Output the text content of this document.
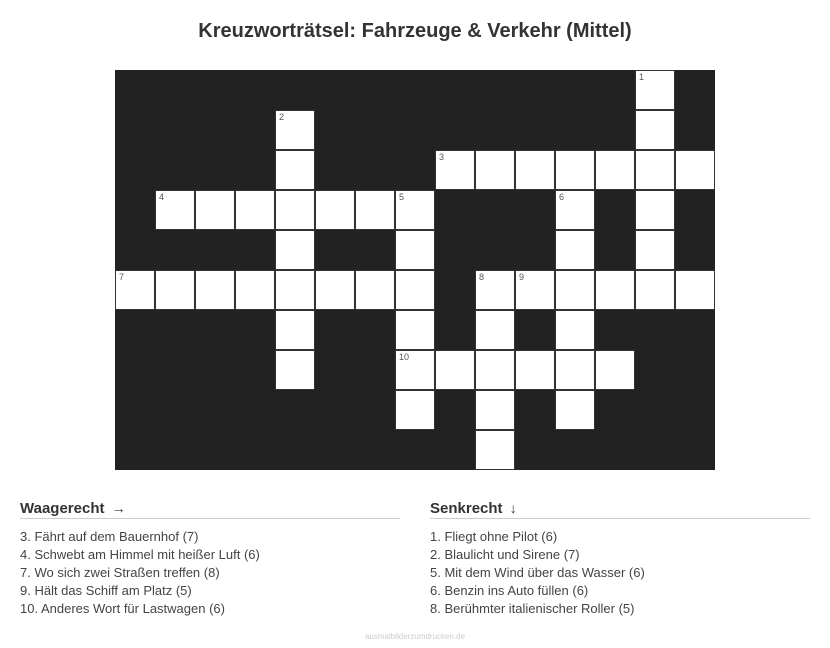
Kreuzworträtsel: Fahrzeuge & Verkehr (Mittel)
1
2
3
4	5	6
7	8	9
10
Waagerecht →
3. Fährt auf dem Bauernhof (7)
4. Schwebt am Himmel mit heißer Luft (6)
7. Wo sich zwei Straßen treffen (8)
9. Hält das Schiff am Platz (5)
10. Anderes Wort für Lastwagen (6)
Senkrecht ↓
1. Fliegt ohne Pilot (6)
2. Blaulicht und Sirene (7)
5. Mit dem Wind über das Wasser (6)
6. Benzin ins Auto füllen (6)
8. Berühmter italienischer Roller (5)
ausmalbilderzumdrucken.de
